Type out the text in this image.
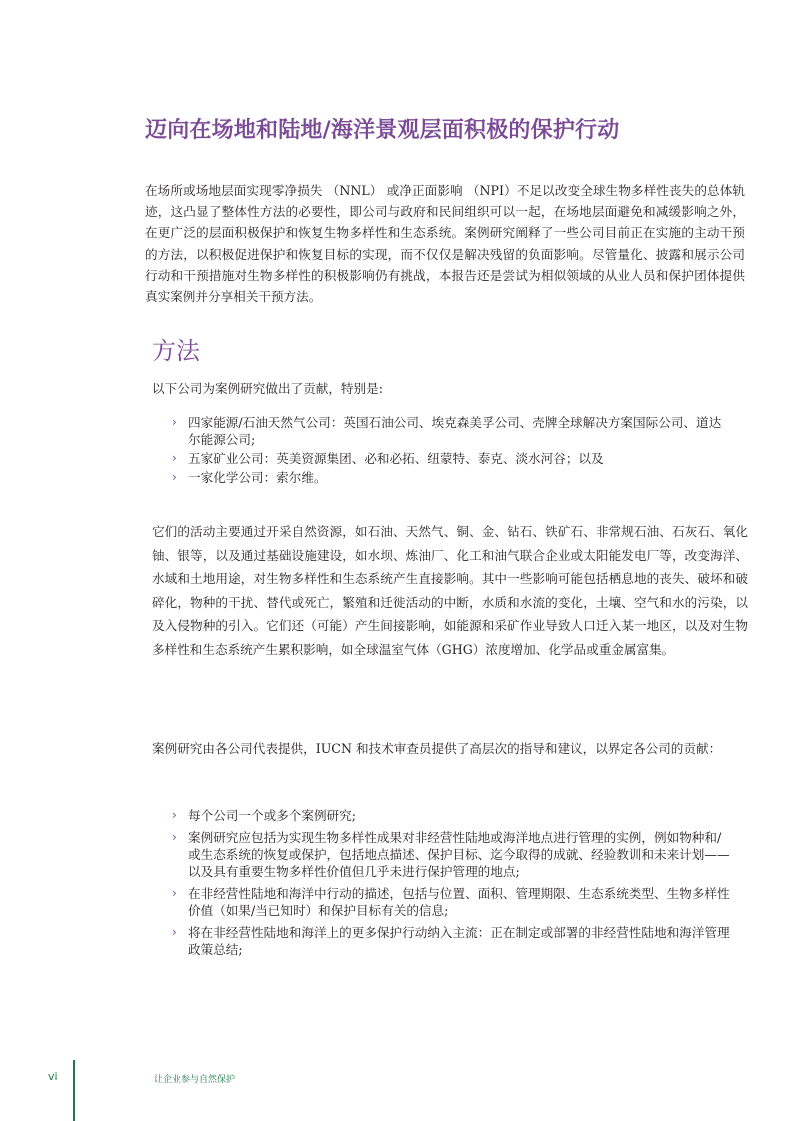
迈向在场地和陆地/海洋景观层面积极的保护行动

在场所或场地层面实现零净损失 （NNL） 或净正面影响 （NPI）不足以改变全球生物多样性丧失的总体轨迹，这凸显了整体性方法的必要性，即公司与政府和民间组织可以一起，在场地层面避免和减缓影响之外，在更广泛的层面积极保护和恢复生物多样性和生态系统。案例研究阐释了一些公司目前正在实施的主动干预的方法，以积极促进保护和恢复目标的实现，而不仅仅是解决残留的负面影响。尽管量化、披露和展示公司行动和干预措施对生物多样性的积极影响仍有挑战，本报告还是尝试为相似领域的从业人员和保护团体提供真实案例并分享相关干预方法。

方法

以下公司为案例研究做出了贡献，特别是:

› 四家能源/石油天然气公司：英国石油公司、埃克森美孚公司、壳牌全球解决方案国际公司、道达尔能源公司;
› 五家矿业公司：英美资源集团、必和必拓、纽蒙特、泰克、淡水河谷；以及
› 一家化学公司：索尔维。

它们的活动主要通过开采自然资源，如石油、天然气、铜、金、钻石、铁矿石、非常规石油、石灰石、氧化铀、银等，以及通过基础设施建设，如水坝、炼油厂、化工和油气联合企业或太阳能发电厂等，改变海洋、水域和土地用途，对生物多样性和生态系统产生直接影响。其中一些影响可能包括栖息地的丧失、破坏和破碎化，物种的干扰、替代或死亡，繁殖和迁徙活动的中断，水质和水流的变化，土壤、空气和水的污染，以及入侵物种的引入。它们还（可能）产生间接影响，如能源和采矿作业导致人口迁入某一地区，以及对生物多样性和生态系统产生累积影响，如全球温室气体（GHG）浓度增加、化学品或重金属富集。

案例研究由各公司代表提供，IUCN 和技术审查员提供了高层次的指导和建议，以界定各公司的贡献：

› 每个公司一个或多个案例研究;
› 案例研究应包括为实现生物多样性成果对非经营性陆地或海洋地点进行管理的实例，例如物种和/或生态系统的恢复或保护，包括地点描述、保护目标、迄今取得的成就、经验教训和未来计划——以及具有重要生物多样性价值但几乎未进行保护管理的地点;
› 在非经营性陆地和海洋中行动的描述，包括与位置、面积、管理期限、生态系统类型、生物多样性价值（如果/当已知时）和保护目标有关的信息;
› 将在非经营性陆地和海洋上的更多保护行动纳入主流：正在制定或部署的非经营性陆地和海洋管理政策总结;
vi	让企业参与自然保护
